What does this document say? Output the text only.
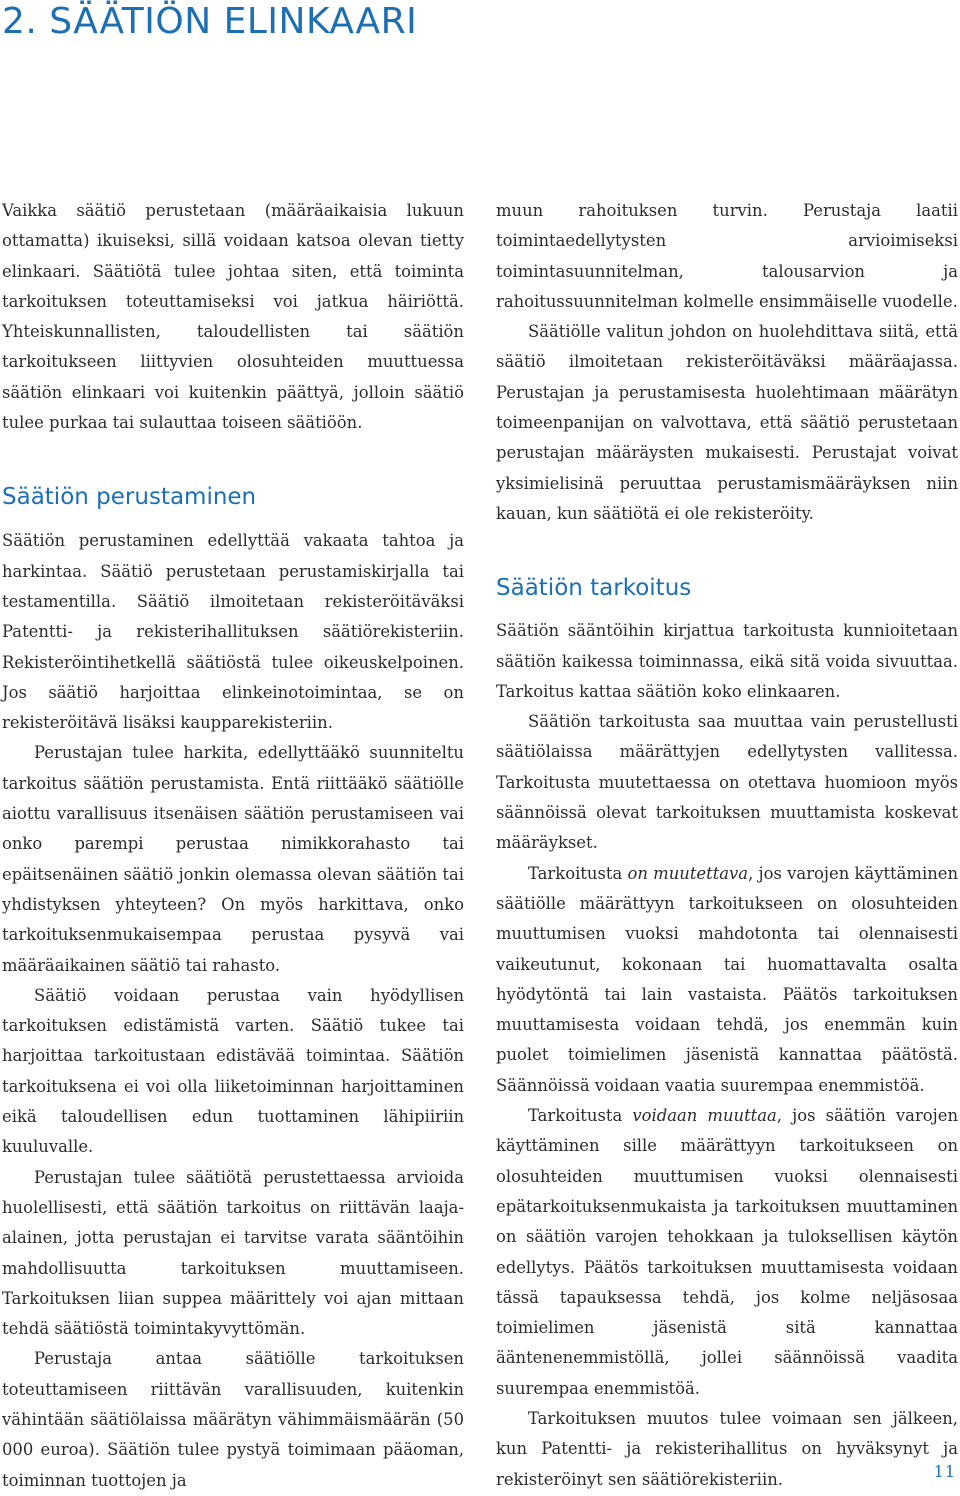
2. SÄÄTIÖN ELINKAARI

Vaikka säätiö perustetaan (määräaikaisia lukuun ottamatta) ikuiseksi, sillä voidaan katsoa olevan tietty elinkaari. Säätiötä tulee johtaa siten, että toiminta tarkoituksen toteuttamiseksi voi jatkua häiriöttä. Yhteiskunnallisten, taloudellisten tai säätiön tarkoitukseen liittyvien olosuhteiden muuttuessa säätiön elinkaari voi kuitenkin päättyä, jolloin säätiö tulee purkaa tai sulauttaa toiseen säätiöön.

Säätiön perustaminen

Säätiön perustaminen edellyttää vakaata tahtoa ja harkintaa. Säätiö perustetaan perustamiskirjalla tai testamentilla. Säätiö ilmoitetaan rekisteröitäväksi Patentti- ja rekisterihallituksen säätiörekisteriin. Rekisteröintihetkellä säätiöstä tulee oikeuskelpoinen. Jos säätiö harjoittaa elinkeinotoimintaa, se on rekisteröitävä lisäksi kaupparekisteriin.

Perustajan tulee harkita, edellyttääkö suunniteltu tarkoitus säätiön perustamista. Entä riittääkö säätiölle aiottu varallisuus itsenäisen säätiön perustamiseen vai onko parempi perustaa nimikkorahasto tai epäitsenäinen säätiö jonkin olemassa olevan säätiön tai yhdistyksen yhteyteen? On myös harkittava, onko tarkoituksenmukaisempaa perustaa pysyvä vai määräaikainen säätiö tai rahasto.

Säätiö voidaan perustaa vain hyödyllisen tarkoituksen edistämistä varten. Säätiö tukee tai harjoittaa tarkoitustaan edistävää toimintaa. Säätiön tarkoituksena ei voi olla liiketoiminnan harjoittaminen eikä taloudellisen edun tuottaminen lähipiiriin kuuluvalle.

Perustajan tulee säätiötä perustettaessa arvioida huolellisesti, että säätiön tarkoitus on riittävän laaja-alainen, jotta perustajan ei tarvitse varata sääntöihin mahdollisuutta tarkoituksen muuttamiseen. Tarkoituksen liian suppea määrittely voi ajan mittaan tehdä säätiöstä toimintakyvyttömän.

Perustaja antaa säätiölle tarkoituksen toteuttamiseen riittävän varallisuuden, kuitenkin vähintään säätiölaissa määrätyn vähimmäismäärän (50 000 euroa). Säätiön tulee pystyä toimimaan pääoman, toiminnan tuottojen ja

muun rahoituksen turvin. Perustaja laatii toimintaedellytysten arvioimiseksi toimintasuunnitelman, talousarvion ja rahoitussuunnitelman kolmelle ensimmäiselle vuodelle.

Säätiölle valitun johdon on huolehdittava siitä, että säätiö ilmoitetaan rekisteröitäväksi määräajassa. Perustajan ja perustamisesta huolehtimaan määrätyn toimeenpanijan on valvottava, että säätiö perustetaan perustajan määräysten mukaisesti. Perustajat voivat yksimielisinä peruuttaa perustamismääräyksen niin kauan, kun säätiötä ei ole rekisteröity.

Säätiön tarkoitus

Säätiön sääntöihin kirjattua tarkoitusta kunnioitetaan säätiön kaikessa toiminnassa, eikä sitä voida sivuuttaa. Tarkoitus kattaa säätiön koko elinkaaren.

Säätiön tarkoitusta saa muuttaa vain perustellusti säätiölaissa määrättyjen edellytysten vallitessa. Tarkoitusta muutettaessa on otettava huomioon myös säännöissä olevat tarkoituksen muuttamista koskevat määräykset.

Tarkoitusta on muutettava, jos varojen käyttäminen säätiölle määrättyyn tarkoitukseen on olosuhteiden muuttumisen vuoksi mahdotonta tai olennaisesti vaikeutunut, kokonaan tai huomattavalta osalta hyödytöntä tai lain vastaista. Päätös tarkoituksen muuttamisesta voidaan tehdä, jos enemmän kuin puolet toimielimen jäsenistä kannattaa päätöstä. Säännöissä voidaan vaatia suurempaa enemmistöä.

Tarkoitusta voidaan muuttaa, jos säätiön varojen käyttäminen sille määrättyyn tarkoitukseen on olosuhteiden muuttumisen vuoksi olennaisesti epätarkoituksenmukaista ja tarkoituksen muuttaminen on säätiön varojen tehokkaan ja tuloksellisen käytön edellytys. Päätös tarkoituksen muuttamisesta voidaan tässä tapauksessa tehdä, jos kolme neljäsosaa toimielimen jäsenistä sitä kannattaa ääntenenemmistöllä, jollei säännöissä vaadita suurempaa enemmistöä.

Tarkoituksen muutos tulee voimaan sen jälkeen, kun Patentti- ja rekisterihallitus on hyväksynyt ja rekisteröinyt sen säätiörekisteriin.	11
